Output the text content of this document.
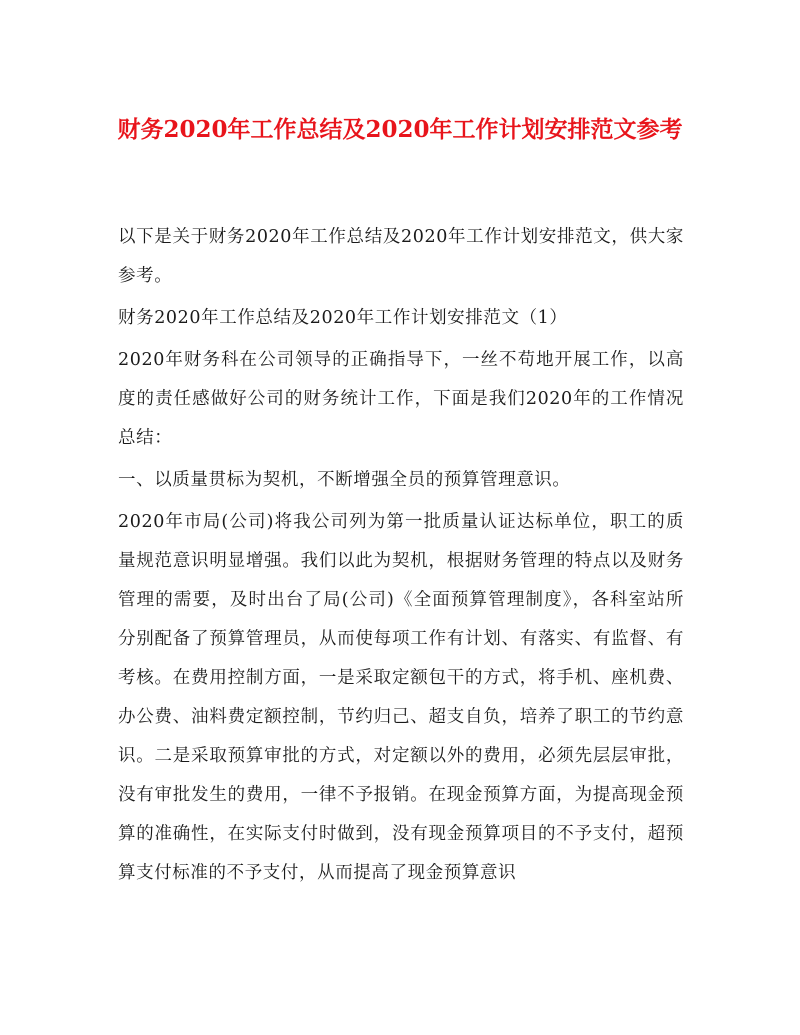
财务2020年工作总结及2020年工作计划安排范文参考

以下是关于财务2020年工作总结及2020年工作计划安排范文，供大家参考。

财务2020年工作总结及2020年工作计划安排范文（1）

2020年财务科在公司领导的正确指导下，一丝不苟地开展工作，以高度的责任感做好公司的财务统计工作，下面是我们2020年的工作情况总结：

一、以质量贯标为契机，不断增强全员的预算管理意识。

2020年市局(公司)将我公司列为第一批质量认证达标单位，职工的质量规范意识明显增强。我们以此为契机，根据财务管理的特点以及财务管理的需要，及时出台了局(公司)《全面预算管理制度》，各科室站所分别配备了预算管理员，从而使每项工作有计划、有落实、有监督、有考核。在费用控制方面，一是采取定额包干的方式，将手机、座机费、办公费、油料费定额控制，节约归己、超支自负，培养了职工的节约意识。二是采取预算审批的方式，对定额以外的费用，必须先层层审批，没有审批发生的费用，一律不予报销。在现金预算方面，为提高现金预算的准确性，在实际支付时做到，没有现金预算项目的不予支付，超预算支付标准的不予支付，从而提高了现金预算意识
